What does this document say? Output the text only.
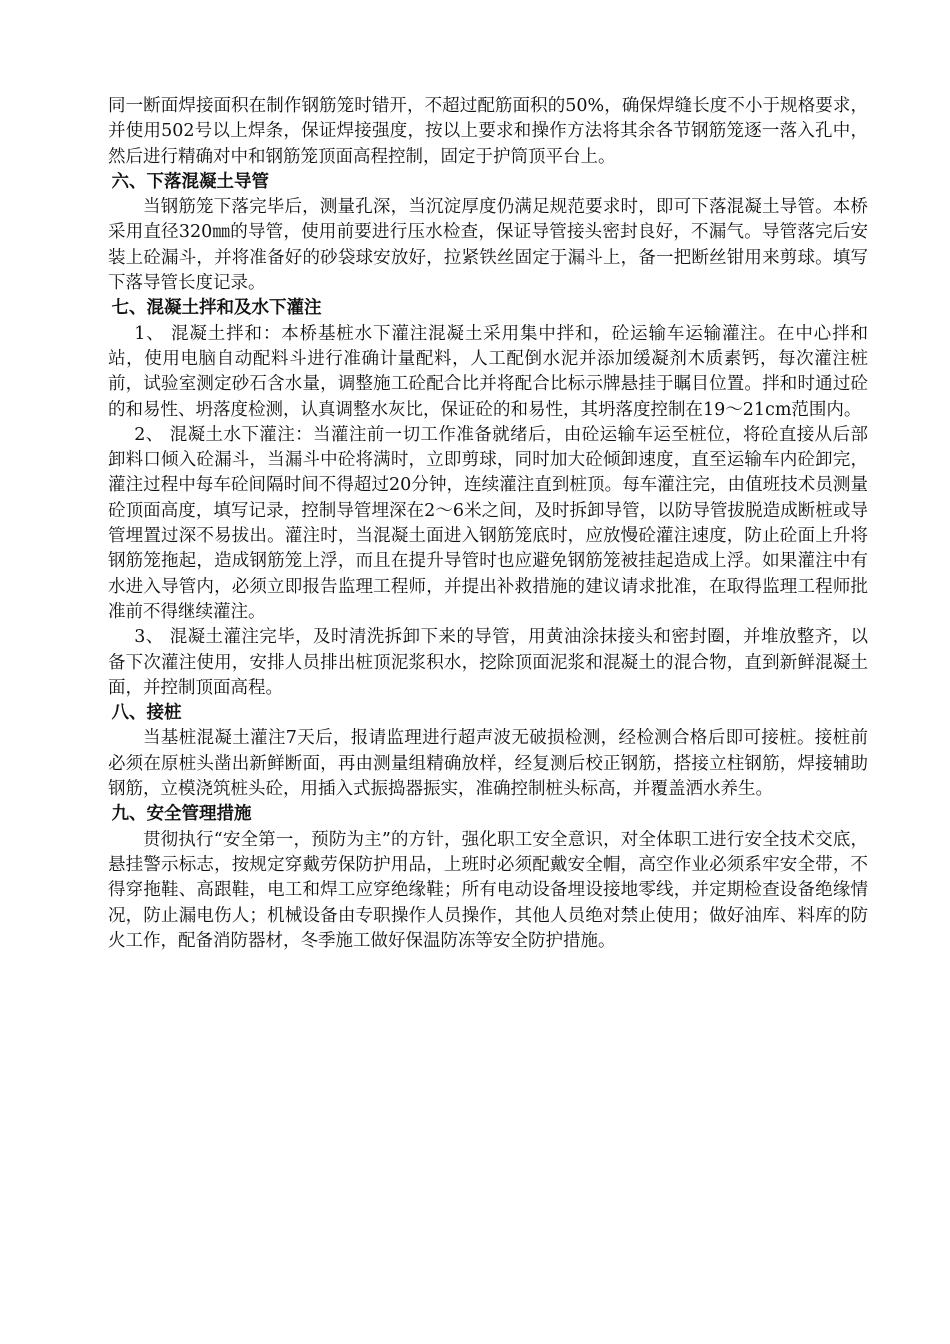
同一断面焊接面积在制作钢筋笼时错开，不超过配筋面积的50%，确保焊缝长度不小于规格要求，并使用502号以上焊条，保证焊接强度，按以上要求和操作方法将其余各节钢筋笼逐一落入孔中，然后进行精确对中和钢筋笼顶面高程控制，固定于护筒顶平台上。

六、下落混凝土导管

当钢筋笼下落完毕后，测量孔深，当沉淀厚度仍满足规范要求时，即可下落混凝土导管。本桥采用直径320㎜的导管，使用前要进行压水检查，保证导管接头密封良好，不漏气。导管落完后安装上砼漏斗，并将准备好的砂袋球安放好，拉紧铁丝固定于漏斗上，备一把断丝钳用来剪球。填写下落导管长度记录。

七、混凝土拌和及水下灌注

1、 混凝土拌和：本桥基桩水下灌注混凝土采用集中拌和，砼运输车运输灌注。在中心拌和站，使用电脑自动配料斗进行准确计量配料，人工配倒水泥并添加缓凝剂木质素钙，每次灌注桩前，试验室测定砂石含水量，调整施工砼配合比并将配合比标示牌悬挂于瞩目位置。拌和时通过砼的和易性、坍落度检测，认真调整水灰比，保证砼的和易性，其坍落度控制在19～21cm范围内。

2、 混凝土水下灌注：当灌注前一切工作准备就绪后，由砼运输车运至桩位，将砼直接从后部卸料口倾入砼漏斗，当漏斗中砼将满时，立即剪球，同时加大砼倾卸速度，直至运输车内砼卸完，灌注过程中每车砼间隔时间不得超过20分钟，连续灌注直到桩顶。每车灌注完，由值班技术员测量砼顶面高度，填写记录，控制导管埋深在2～6米之间，及时拆卸导管，以防导管拔脱造成断桩或导管埋置过深不易拔出。灌注时，当混凝土面进入钢筋笼底时，应放慢砼灌注速度，防止砼面上升将钢筋笼拖起，造成钢筋笼上浮，而且在提升导管时也应避免钢筋笼被挂起造成上浮。如果灌注中有水进入导管内，必须立即报告监理工程师，并提出补救措施的建议请求批准，在取得监理工程师批准前不得继续灌注。

3、 混凝土灌注完毕，及时清洗拆卸下来的导管，用黄油涂抹接头和密封圈，并堆放整齐，以备下次灌注使用，安排人员排出桩顶泥浆积水，挖除顶面泥浆和混凝土的混合物，直到新鲜混凝土面，并控制顶面高程。

八、接桩

当基桩混凝土灌注7天后，报请监理进行超声波无破损检测，经检测合格后即可接桩。接桩前必须在原桩头凿出新鲜断面，再由测量组精确放样，经复测后校正钢筋，搭接立柱钢筋，焊接辅助钢筋，立模浇筑桩头砼，用插入式振捣器振实，准确控制桩头标高，并覆盖洒水养生。

九、安全管理措施

贯彻执行“安全第一，预防为主”的方针，强化职工安全意识，对全体职工进行安全技术交底，悬挂警示标志，按规定穿戴劳保防护用品，上班时必须配戴安全帽，高空作业必须系牢安全带，不得穿拖鞋、高跟鞋，电工和焊工应穿绝缘鞋；所有电动设备埋设接地零线，并定期检查设备绝缘情况，防止漏电伤人；机械设备由专职操作人员操作，其他人员绝对禁止使用；做好油库、料库的防火工作，配备消防器材，冬季施工做好保温防冻等安全防护措施。
